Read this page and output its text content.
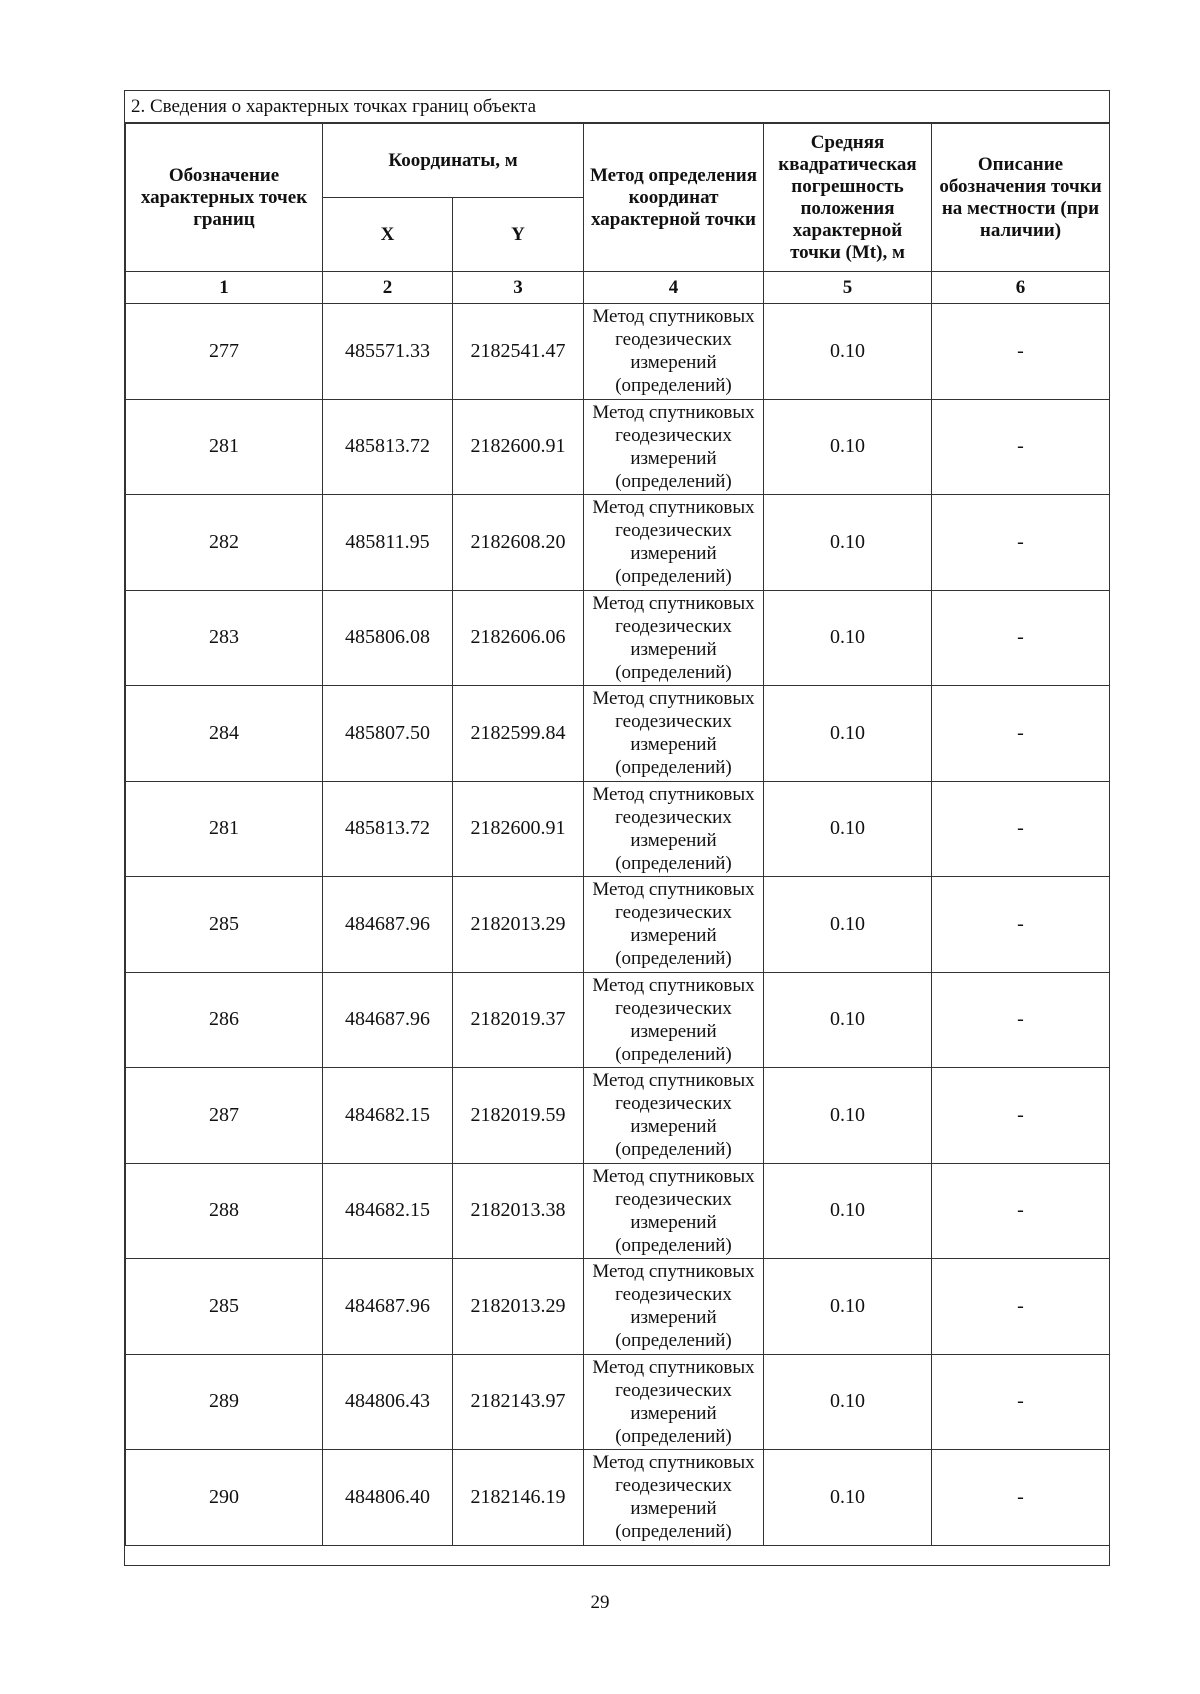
2. Сведения о характерных точках границ объекта
Обозначение характерных точек границ	Координаты, м		Метод определения координат характерной точки	Средняя квадратическая погрешность положения характерной точки (Mt), м	Описание обозначения точки на местности (при наличии)
	X	Y			
1	2	3	4	5	6
277	485571.33	2182541.47	Метод спутниковых геодезических измерений (определений)	0.10	-
281	485813.72	2182600.91	Метод спутниковых геодезических измерений (определений)	0.10	-
282	485811.95	2182608.20	Метод спутниковых геодезических измерений (определений)	0.10	-
283	485806.08	2182606.06	Метод спутниковых геодезических измерений (определений)	0.10	-
284	485807.50	2182599.84	Метод спутниковых геодезических измерений (определений)	0.10	-
281	485813.72	2182600.91	Метод спутниковых геодезических измерений (определений)	0.10	-
285	484687.96	2182013.29	Метод спутниковых геодезических измерений (определений)	0.10	-
286	484687.96	2182019.37	Метод спутниковых геодезических измерений (определений)	0.10	-
287	484682.15	2182019.59	Метод спутниковых геодезических измерений (определений)	0.10	-
288	484682.15	2182013.38	Метод спутниковых геодезических измерений (определений)	0.10	-
285	484687.96	2182013.29	Метод спутниковых геодезических измерений (определений)	0.10	-
289	484806.43	2182143.97	Метод спутниковых геодезических измерений (определений)	0.10	-
290	484806.40	2182146.19	Метод спутниковых геодезических измерений (определений)	0.10	-
29
